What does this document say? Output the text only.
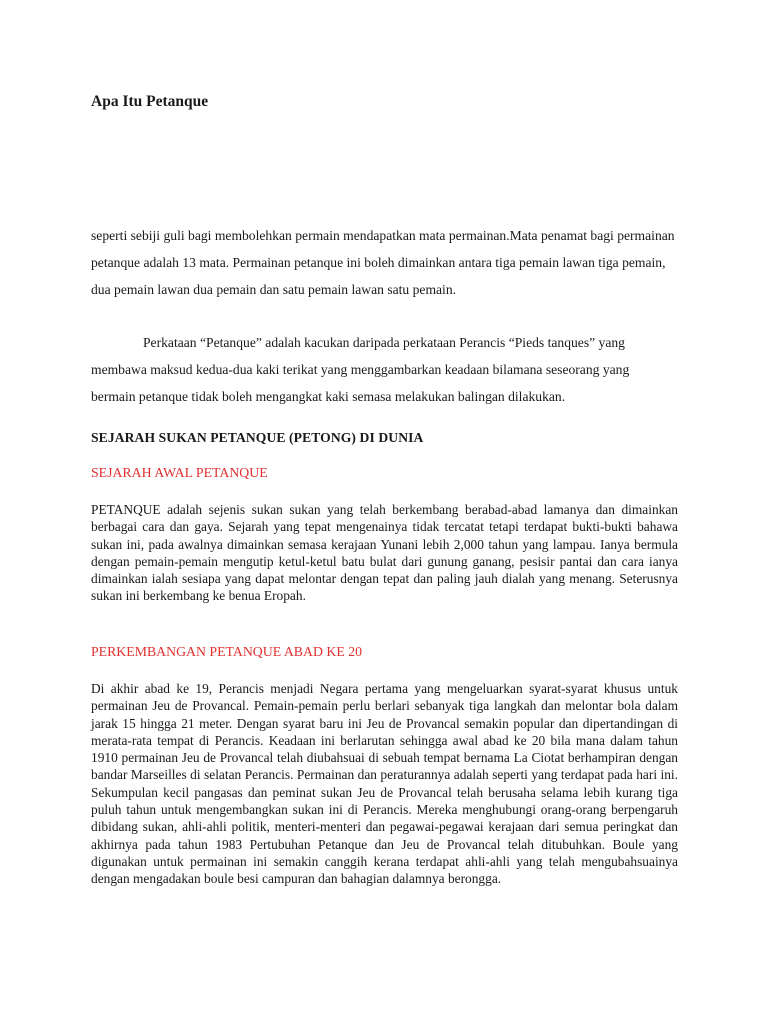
Apa Itu Petanque

seperti sebiji guli bagi membolehkan permain mendapatkan mata permainan.Mata penamat bagi permainan petanque adalah 13 mata. Permainan petanque ini boleh dimainkan antara tiga pemain lawan tiga pemain, dua pemain lawan dua pemain dan satu pemain lawan satu pemain.

Perkataan “Petanque” adalah kacukan daripada perkataan Perancis “Pieds tanques” yang membawa maksud kedua-dua kaki terikat yang menggambarkan keadaan bilamana seseorang yang bermain petanque tidak boleh mengangkat kaki semasa melakukan balingan dilakukan.

SEJARAH SUKAN PETANQUE (PETONG) DI DUNIA
SEJARAH AWAL PETANQUE

PETANQUE adalah sejenis sukan sukan yang telah berkembang berabad-abad lamanya dan dimainkan berbagai cara dan gaya. Sejarah yang tepat mengenainya tidak tercatat tetapi terdapat bukti-bukti bahawa sukan ini, pada awalnya dimainkan semasa kerajaan Yunani lebih 2,000 tahun yang lampau. Ianya bermula dengan pemain-pemain mengutip ketul-ketul batu bulat dari gunung ganang, pesisir pantai dan cara ianya dimainkan ialah sesiapa yang dapat melontar dengan tepat dan paling jauh dialah yang menang. Seterusnya sukan ini berkembang ke benua Eropah.

PERKEMBANGAN PETANQUE ABAD KE 20

Di akhir abad ke 19, Perancis menjadi Negara pertama yang mengeluarkan syarat-syarat khusus untuk permainan Jeu de Provancal. Pemain-pemain perlu berlari sebanyak tiga langkah dan melontar bola dalam jarak 15 hingga 21 meter. Dengan syarat baru ini Jeu de Provancal semakin popular dan dipertandingan di merata-rata tempat di Perancis. Keadaan ini berlarutan sehingga awal abad ke 20 bila mana dalam tahun 1910 permainan Jeu de Provancal telah diubahsuai di sebuah tempat bernama La Ciotat berhampiran dengan bandar Marseilles di selatan Perancis. Permainan dan peraturannya adalah seperti yang terdapat pada hari ini. Sekumpulan kecil pangasas dan peminat sukan Jeu de Provancal telah berusaha selama lebih kurang tiga puluh tahun untuk mengembangkan sukan ini di Perancis. Mereka menghubungi orang-orang berpengaruh dibidang sukan, ahli-ahli politik, menteri-menteri dan pegawai-pegawai kerajaan dari semua peringkat dan akhirnya pada tahun 1983 Pertubuhan Petanque dan Jeu de Provancal telah ditubuhkan. Boule yang digunakan untuk permainan ini semakin canggih kerana terdapat ahli-ahli yang telah mengubahsuainya dengan mengadakan boule besi campuran dan bahagian dalamnya berongga.
